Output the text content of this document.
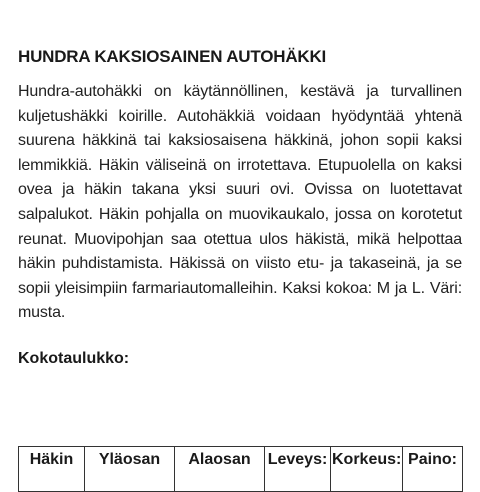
HUNDRA KAKSIOSAINEN AUTOHÄKKI

Hundra-autohäkki on käytännöllinen, kestävä ja turvallinen kuljetushäkki koirille. Autohäkkiä voidaan hyödyntää yhtenä suurena häkkinä tai kaksiosaisena häkkinä, johon sopii kaksi lemmikkiä. Häkin väliseinä on irrotettava. Etupuolella on kaksi ovea ja häkin takana yksi suuri ovi. Ovissa on luotettavat salpalukot. Häkin pohjalla on muovikaukalo, jossa on korotetut reunat. Muovipohjan saa otettua ulos häkistä, mikä helpottaa häkin puhdistamista. Häkissä on viisto etu- ja takaseinä, ja se sopii yleisimpiin farmariautomalleihin. Kaksi kokoa: M ja L. Väri: musta.

Kokotaulukko:
Häkin	Yläosan	Alaosan	Leveys:	Korkeus:	Paino:
